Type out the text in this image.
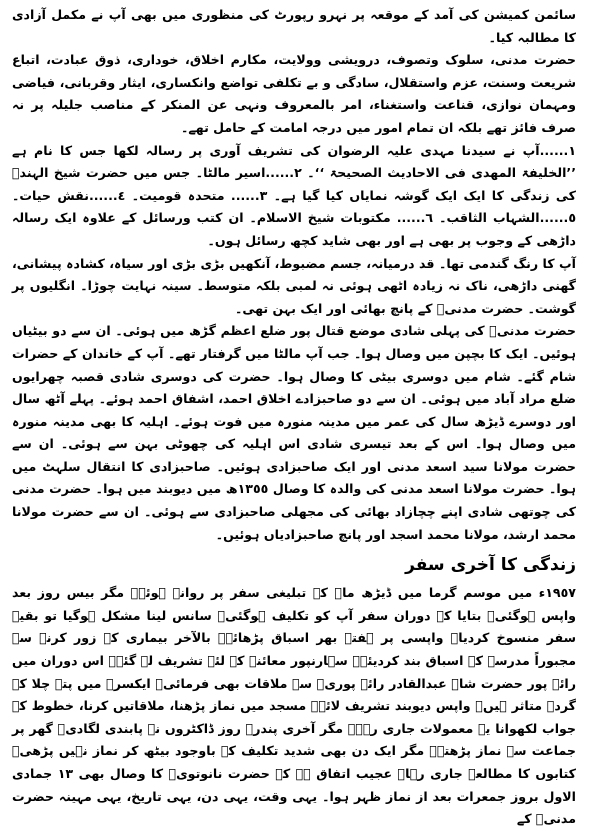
سائمن کمیشن کی آمد کے موقعہ پر نہرو رپورٹ کی منظوری میں بھی آپ نے مکمل آزادی کا مطالبہ کیا۔

حضرت مدنی، سلوک وتصوف، درویشی وولایت، مکارم اخلاق، خوداری، ذوق عبادت، اتباع شریعت وسنت، عزم واستقلال، سادگی و بے تکلفی تواضع وانکساری، ایثار وقربانی، فیاضی ومہمان نوازی، قناعت واستغناء، امر بالمعروف ونہی عن المنکر کے مناصب جلیلہ پر نہ صرف فائز تھے بلکہ ان تمام امور میں درجہ امامت کے حامل تھے۔

١......آپ نے سیدنا مہدی علیہ الرضوان کی تشریف آوری پر رسالہ لکھا جس کا نام ہے ’’الخلیفۃ المھدی فی الاحادیث الصحیحۃ ‘‘۔ ٢......اسیر مالٹا۔ جس میں حضرت شیخ الہندؒ کی زندگی کا ایک ایک گوشہ نمایاں کیا گیا ہے۔ ٣...... متحدہ قومیت۔ ٤......نقش حیات۔ ٥......الشہاب الثاقب۔ ٦...... مکتوبات شیخ الاسلام۔ ان کتب ورسائل کے علاوہ ایک رسالہ داڑھی کے وجوب پر بھی ہے اور بھی شاید کچھ رسائل ہوں۔

آپ کا رنگ گندمی تھا۔ قد درمیانہ، جسم مضبوط، آنکھیں بڑی بڑی اور سیاہ، کشادہ پیشانی، گھنی داڑھی، ناک نہ زیادہ اٹھی ہوئی نہ لمبی بلکہ متوسط۔ سینہ نہایت چوڑا۔ انگلیوں پر گوشت۔ حضرت مدنیؒ کے پانچ بھائی اور ایک بہن تھی۔

حضرت مدنیؒ کی پہلی شادی موضع قتال پور ضلع اعظم گڑھ میں ہوئی۔ ان سے دو بیٹیاں ہوئیں۔ ایک کا بچپن میں وصال ہوا۔ جب آپ مالٹا میں گرفتار تھے۔ آپ کے خاندان کے حضرات شام گئے۔ شام میں دوسری بیٹی کا وصال ہوا۔ حضرت کی دوسری شادی قصبہ چھرایوں ضلع مراد آباد میں ہوئی۔ ان سے دو صاحبزادے اخلاق احمد، اشفاق احمد ہوئے۔ پہلے آٹھ سال اور دوسرے ڈیڑھ سال کی عمر میں مدینہ منورہ میں فوت ہوئے۔ اہلیہ کا بھی مدینہ منورہ میں وصال ہوا۔ اس کے بعد تیسری شادی اس اہلیہ کی چھوٹی بہن سے ہوئی۔ ان سے حضرت مولانا سید اسعد مدنی اور ایک صاحبزادی ہوئیں۔ صاحبزادی کا انتقال سلہٹ میں ہوا۔ حضرت مولانا اسعد مدنی کی والدہ کا وصال ١٣٥٥ھ میں دیوبند میں ہوا۔ حضرت مدنی کی چوتھی شادی اپنے چچازاد بھائی کی مجھلی صاحبزادی سے ہوئی۔ ان سے حضرت مولانا محمد ارشد، مولانا محمد اسجد اور پانچ صاحبزادیاں ہوئیں۔

زندگی کا آخری سفر

١٩٥٧ء میں موسم گرما میں ڈیڑھ ماہ کے تبلیغی سفر پر روانہ ہوئے۔ مگر بیس روز بعد واپس ہوگئی۔ بتایا کہ دوران سفر آپ کو تکلیف ہوگئی۔ سانس لینا مشکل ہوگیا تو بقیہ سفر منسوخ کردیا۔ واپسی پر ہفتہ بھر اسباق پڑھائے۔ بالآخر بیماری کے زور کرنے سے مجبوراً مدرسہ کے اسباق بند کردیئے۔ سہارنپور معائنہ کے لئے تشریف لے گئے۔ اس دوران میں رائے پور حضرت شاہ عبدالقادر رائے پوریؒ سے ملاقات بھی فرمائی۔ ایکسرے میں پتہ چلا کہ گردے متاثر ہیں۔ واپس دیوبند تشریف لائے۔ مسجد میں نماز پڑھنا، ملاقاتیں کرنا، خطوط کے جواب لکھوانا یہ معمولات جاری رہے۔ مگر آخری پندرہ روز ڈاکٹروں نے پابندی لگادی۔ گھر پر جماعت سے نماز پڑھتے۔ مگر ایک دن بھی شدید تکلیف کے باوجود بیٹھ کر نماز نہیں پڑھی۔ کتابوں کا مطالعہ جاری رہا۔ عجیب اتفاق ہے کہ حضرت نانوتویؒ کا وصال بھی ١٣ جمادی الاول بروز جمعرات بعد از نماز ظہر ہوا۔ یہی وقت، یہی دن، یہی تاریخ، یہی مہینہ حضرت مدنیؒ کے
